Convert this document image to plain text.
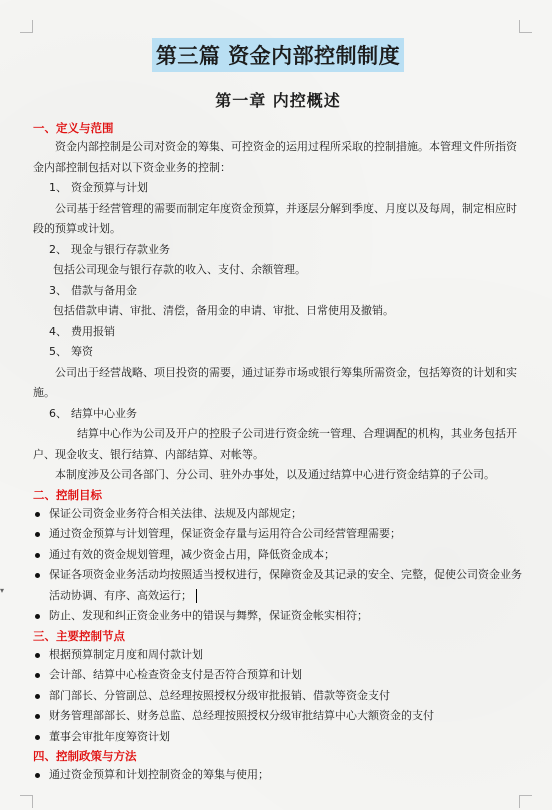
▾
第三篇 资金内部控制制度
第一章 内控概述

一、定义与范围

资金内部控制是公司对资金的筹集、可控资金的运用过程所采取的控制措施。本管理文件所指资金内部控制包括对以下资金业务的控制：

1、 资金预算与计划

公司基于经营管理的需要而制定年度资金预算，并逐层分解到季度、月度以及每周，制定相应时段的预算或计划。

2、 现金与银行存款业务

包括公司现金与银行存款的收入、支付、余额管理。

3、 借款与备用金

包括借款申请、审批、清偿，备用金的申请、审批、日常使用及撤销。

4、 费用报销

5、 筹资

公司出于经营战略、项目投资的需要，通过证券市场或银行筹集所需资金，包括筹资的计划和实施。

6、 结算中心业务

结算中心作为公司及开户的控股子公司进行资金统一管理、合理调配的机构，其业务包括开户、现金收支、银行结算、内部结算、对帐等。

本制度涉及公司各部门、分公司、驻外办事处，以及通过结算中心进行资金结算的子公司。

二、控制目标

保证公司资金业务符合相关法律、法规及内部规定；
通过资金预算与计划管理，保证资金存量与运用符合公司经营管理需要；
通过有效的资金规划管理，减少资金占用，降低资金成本；
保证各项资金业务活动均按照适当授权进行，保障资金及其记录的安全、完整，促使公司资金业务活动协调、有序、高效运行；
防止、发现和纠正资金业务中的错误与舞弊，保证资金帐实相符；

三、主要控制节点

根据预算制定月度和周付款计划
会计部、结算中心检查资金支付是否符合预算和计划
部门部长、分管副总、总经理按照授权分级审批报销、借款等资金支付
财务管理部部长、财务总监、总经理按照授权分级审批结算中心大额资金的支付
董事会审批年度筹资计划

四、控制政策与方法

通过资金预算和计划控制资金的筹集与使用；
